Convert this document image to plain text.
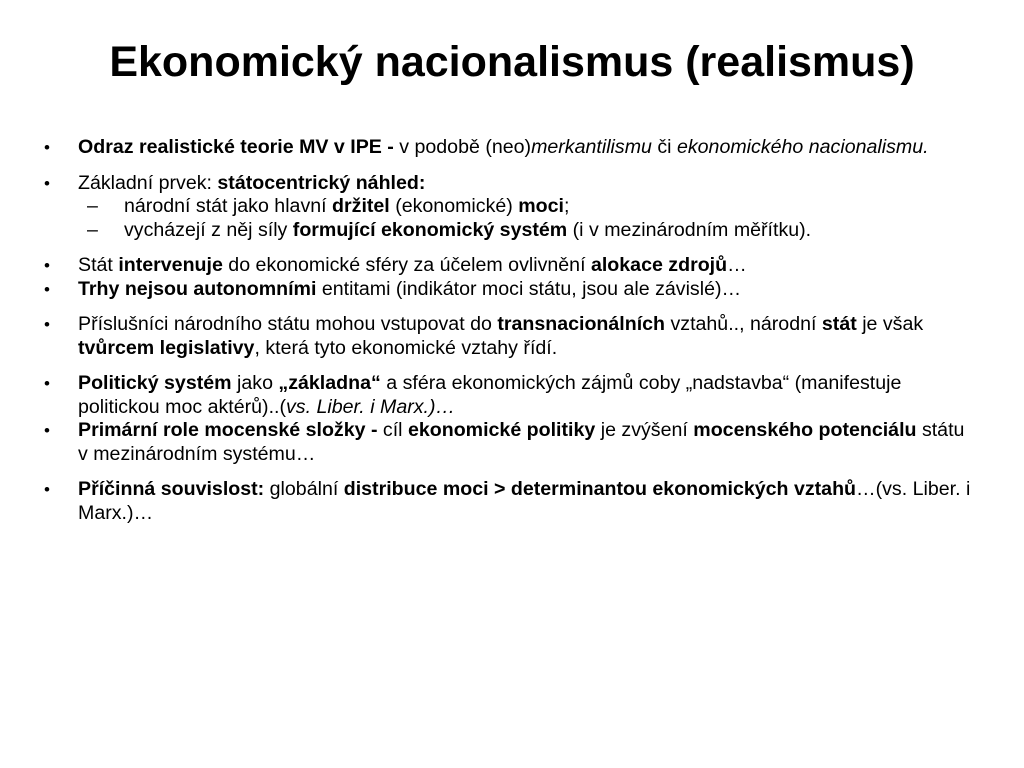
Ekonomický nacionalismus (realismus)
•	Odraz realistické teorie MV v IPE - v podobě (neo)merkantilismu či ekonomického nacionalismu.
•	Základní prvek: státocentrický náhled:
–	národní stát jako hlavní držitel (ekonomické) moci;
–	vycházejí z něj síly formující ekonomický systém (i v mezinárodním měřítku).
•	Stát intervenuje do ekonomické sféry za účelem ovlivnění alokace zdrojů…
•	Trhy nejsou autonomními entitami (indikátor moci státu, jsou ale závislé)…
•	Příslušníci národního státu mohou vstupovat do transnacionálních vztahů.., národní stát je však tvůrcem legislativy, která tyto ekonomické vztahy řídí.
•	Politický systém jako „základna“ a sféra ekonomických zájmů coby „nadstavba“ (manifestuje politickou moc aktérů)..(vs. Liber. i Marx.)…
•	Primární role mocenské složky - cíl ekonomické politiky je zvýšení mocenského potenciálu státu v mezinárodním systému…
•	Příčinná souvislost: globální distribuce moci > determinantou ekonomických vztahů…(vs. Liber. i Marx.)…
